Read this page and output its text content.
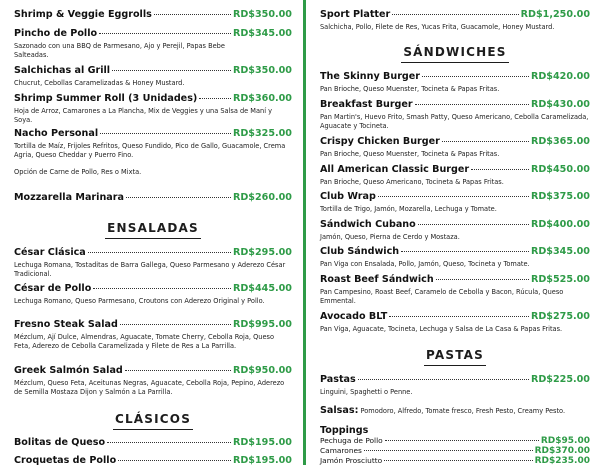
Shrimp & Veggie Eggrolls	RD$350.00
Pincho de Pollo	RD$345.00
Sazonado con una BBQ de Parmesano, Ajo y Perejil, Papas Bebe Salteadas.
Salchichas al Grill	RD$350.00
Chucrut, Cebollas Caramelizadas & Honey Mustard.
Shrimp Summer Roll (3 Unidades)	RD$360.00
Hoja de Arroz, Camarones a La Plancha, Mix de Veggies y una Salsa de Maní y Soya.
Nacho Personal	RD$325.00
Tortilla de Maíz, Frijoles Refritos, Queso Fundido, Pico de Gallo, Guacamole, Crema Agria, Queso Cheddar y Puerro Fino.
Opción de Carne de Pollo, Res o Mixta.
Mozzarella Marinara	RD$260.00
ENSALADAS
César Clásica	RD$295.00
Lechuga Romana, Tostaditas de Barra Gallega, Queso Parmesano y Aderezo César Tradicional.
César de Pollo	RD$445.00
Lechuga Romano, Queso Parmesano, Croutons con Aderezo Original y Pollo.
Fresno Steak Salad	RD$995.00
Mézclum, Ají Dulce, Almendras, Aguacate, Tomate Cherry, Cebolla Roja, Queso Feta, Aderezo de Cebolla Caramelizada y Filete de Res a La Parrilla.
Greek Salmón Salad	RD$950.00
Mézclum, Queso Feta, Aceitunas Negras, Aguacate, Cebolla Roja, Pepino, Aderezo de Semilla Mostaza Dijon y Salmón a La Parrilla.
CLÁSICOS
Bolitas de Queso	RD$195.00
Croquetas de Pollo	RD$195.00
Sport Platter	RD$1,250.00
Salchicha, Pollo, Filete de Res, Yucas Frita, Guacamole, Honey Mustard.
SÁNDWICHES
The Skinny Burger	RD$420.00
Pan Brioche, Queso Muenster, Tocineta & Papas Fritas.
Breakfast Burger	RD$430.00
Pan Martin's, Huevo Frito, Smash Patty, Queso Americano, Cebolla Caramelizada, Aguacate y Tocineta.
Crispy Chicken Burger	RD$365.00
Pan Brioche, Queso Muenster, Tocineta & Papas Fritas.
All American Classic Burger	RD$450.00
Pan Brioche, Queso Americano, Tocineta & Papas Fritas.
Club Wrap	RD$375.00
Tortilla de Trigo, Jamón, Mozarella, Lechuga y Tomate.
Sándwich Cubano	RD$400.00
Jamón, Queso, Pierna de Cerdo y Mostaza.
Club Sándwich	RD$345.00
Pan Viga con Ensalada, Pollo, Jamón, Queso, Tocineta y Tomate.
Roast Beef Sándwich	RD$525.00
Pan Campesino, Roast Beef, Caramelo de Cebolla y Bacon, Rúcula, Queso Emmental.
Avocado BLT	RD$275.00
Pan Viga, Aguacate, Tocineta, Lechuga y Salsa de La Casa & Papas Fritas.
PASTAS
Pastas	RD$225.00
Linguini, Spaghetti o Penne.
Salsas: Pomodoro, Alfredo, Tomate fresco, Fresh Pesto, Creamy Pesto.
Toppings
Pechuga de Pollo	RD$95.00
Camarones	RD$370.00
Jamón Prosciutto	RD$235.00
